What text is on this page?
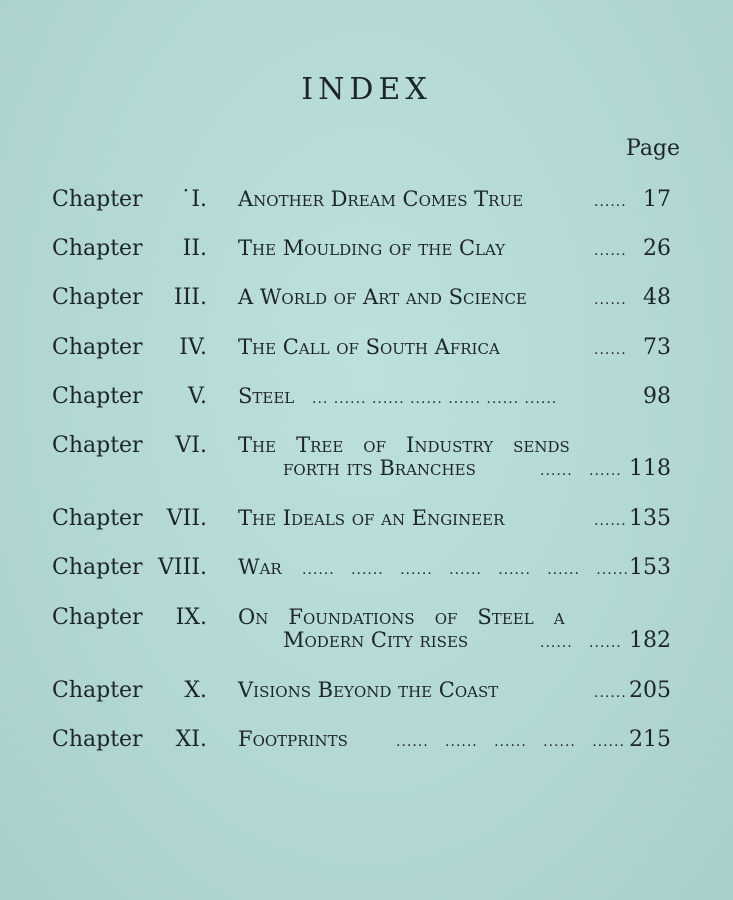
INDEX
Page
Chapter ˙I. Another Dream Comes True	...... 17
Chapter II. The Moulding of the Clay	...... 26
Chapter III. A World of Art and Science	...... 48
Chapter IV. The Call of South Africa	...... 73
Chapter V. Steel ... ...... ...... ...... ...... ...... ......	98
Chapter VI. The   Tree   of   Industry   sends
forth its Branches	......   ...... 118
Chapter VII. The Ideals of an Engineer	...... 135
Chapter VIII. War ......   ......   ......   ......   ......   ......   ...... 153
Chapter IX. On   Foundations   of   Steel   a
Modern City rises	......   ...... 182
Chapter X. Visions Beyond the Coast	...... 205
Chapter XI. Footprints	......   ......   ......   ......   ...... 215
